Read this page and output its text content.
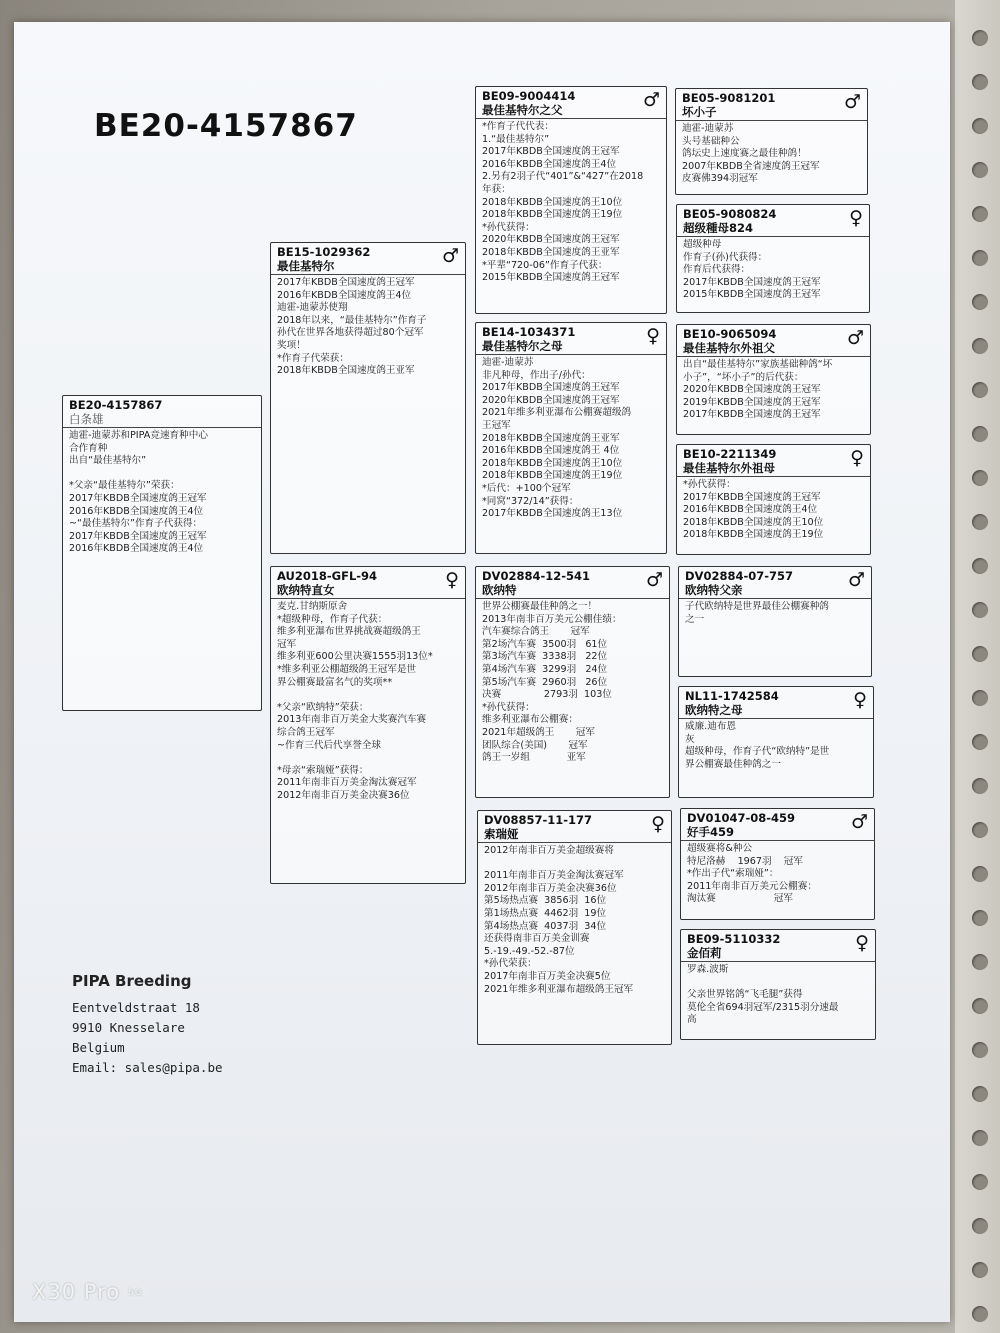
BE20-4157867
BE20-4157867
白条雄
迪霍-迪蒙苏和PIPA竞速育种中心
合作育种
出自“最佳基特尔”

*父亲“最佳基特尔”荣获：
2017年KBDB全国速度鸽王冠军
2016年KBDB全国速度鸽王4位
~“最佳基特尔”作育子代获得：
2017年KBDB全国速度鸽王冠军
2016年KBDB全国速度鸽王4位
BE15-1029362
最佳基特尔	♂
2017年KBDB全国速度鸽王冠军
2016年KBDB全国速度鸽王4位
迪霍-迪蒙苏使翔
2018年以来，“最佳基特尔”作育子
孙代在世界各地获得超过80个冠军
奖项！
*作育子代荣获：
2018年KBDB全国速度鸽王亚军
AU2018-GFL-94
欧纳特直女	♀
麦克.甘纳斯原舍
*超级种母，作育子代获：
维多利亚瀑布世界挑战赛超级鸽王
冠军
维多利亚600公里决赛1555羽13位*
*维多利亚公棚超级鸽王冠军是世
界公棚赛最富名气的奖项**

*父亲“欧纳特”荣获：
2013年南非百万美金大奖赛汽车赛
综合鸽王冠军
~作育三代后代享誉全球

*母亲“索瑞娅”获得：
2011年南非百万美金淘汰赛冠军
2012年南非百万美金决赛36位
BE09-9004414
最佳基特尔之父	♂
*作育子代代表：
1.“最佳基特尔”
2017年KBDB全国速度鸽王冠军
2016年KBDB全国速度鸽王4位
2.另有2羽子代“401”&“427”在2018
年获：
2018年KBDB全国速度鸽王10位
2018年KBDB全国速度鸽王19位
*孙代获得：
2020年KBDB全国速度鸽王冠军
2018年KBDB全国速度鸽王亚军
*平辈“720-06”作育子代获：
2015年KBDB全国速度鸽王冠军
BE14-1034371
最佳基特尔之母	♀
迪霍-迪蒙苏
非凡种母，作出子/孙代：
2017年KBDB全国速度鸽王冠军
2020年KBDB全国速度鸽王冠军
2021年维多利亚瀑布公棚赛超级鸽
王冠军
2018年KBDB全国速度鸽王亚军
2016年KBDB全国速度鸽王 4位
2018年KBDB全国速度鸽王10位
2018年KBDB全国速度鸽王19位
*后代：+100个冠军
*同窝“372/14”获得：
2017年KBDB全国速度鸽王13位
DV02884-12-541
欧纳特	♂
世界公棚赛最佳种鸽之一！
2013年南非百万美元公棚佳绩：
汽车赛综合鸽王       冠军
第2场汽车赛  3500羽   61位
第3场汽车赛  3338羽   22位
第4场汽车赛  3299羽   24位
第5场汽车赛  2960羽   26位
决赛              2793羽  103位
*孙代获得：
维多利亚瀑布公棚赛：
2021年超级鸽王       冠军
团队综合(美国)       冠军
鸽王一岁组            亚军
DV08857-11-177
索瑞娅	♀
2012年南非百万美金超级赛将

2011年南非百万美金淘汰赛冠军
2012年南非百万美金决赛36位
第5场热点赛  3856羽  16位
第1场热点赛  4462羽  19位
第4场热点赛  4037羽  34位
还获得南非百万美金训赛
5.-19.-49.-52.-87位
*孙代荣获：
2017年南非百万美金决赛5位
2021年维多利亚瀑布超级鸽王冠军
BE05-9081201
坏小子	♂
迪霍-迪蒙苏
头号基础种公
鸽坛史上速度赛之最佳种鸽！
2007年KBDB全省速度鸽王冠军
皮赛佛394羽冠军
BE05-9080824
超级種母824	♀
超级种母
作育子(孙)代获得：
作育后代获得：
2017年KBDB全国速度鸽王冠军
2015年KBDB全国速度鸽王冠军
BE10-9065094
最佳基特尔外祖父	♂
出自“最佳基特尔”家族基础种鸽“坏
小子”，“坏小子”的后代获：
2020年KBDB全国速度鸽王冠军
2019年KBDB全国速度鸽王冠军
2017年KBDB全国速度鸽王冠军
BE10-2211349
最佳基特尔外祖母	♀
*孙代获得：
2017年KBDB全国速度鸽王冠军
2016年KBDB全国速度鸽王4位
2018年KBDB全国速度鸽王10位
2018年KBDB全国速度鸽王19位
DV02884-07-757
欧纳特父亲	♂
子代欧纳特是世界最佳公棚赛种鸽
之一
NL11-1742584
欧纳特之母	♀
威廉.迪布恩
灰
超级种母，作育子代“欧纳特”是世
界公棚赛最佳种鸽之一
DV01047-08-459
好手459	♂
超级赛将&种公
特尼洛赫    1967羽    冠军
*作出子代“索瑞娅”：
2011年南非百万美元公棚赛：
淘汰赛                   冠军
BE09-5110332
金佰莉	♀
罗森.波斯

父亲世界铭鸽“飞毛腿”获得
莫伦全省694羽冠军/2315羽分速最
高
PIPA Breeding
Eentveldstraat 18
9910 Knesselare
Belgium
Email: sales@pipa.be
X30 Pro 5G
